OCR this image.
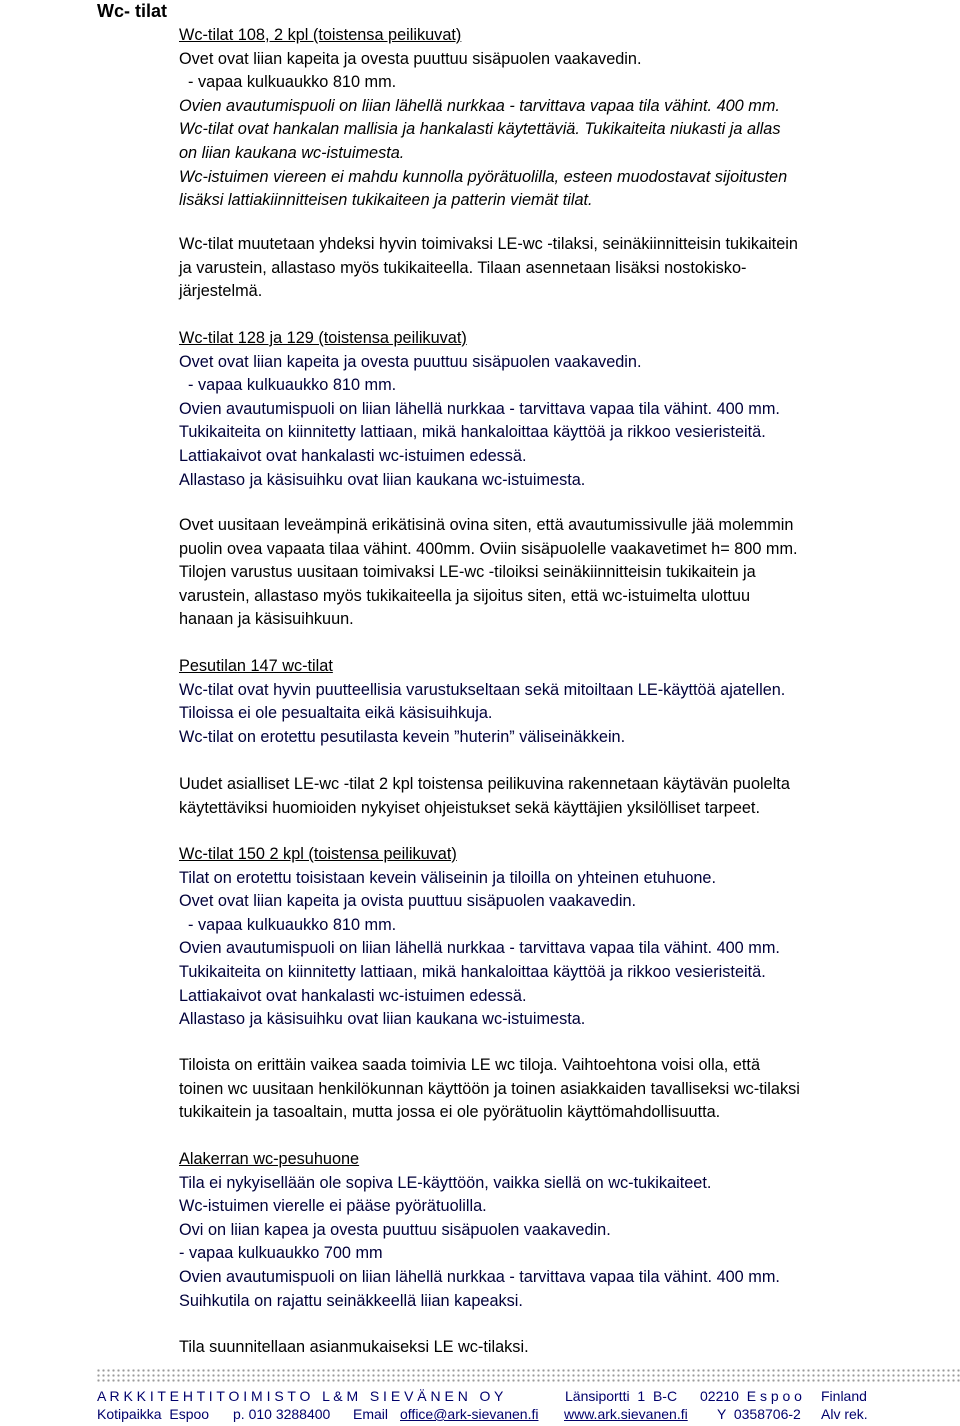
Wc- tilat
Wc-tilat 108, 2 kpl (toistensa peilikuvat)
Ovet ovat liian kapeita ja ovesta puuttuu sisäpuolen vaakavedin.
- vapaa kulkuaukko 810 mm.
Ovien avautumispuoli on liian lähellä nurkkaa - tarvittava vapaa tila vähint. 400 mm.
Wc-tilat ovat hankalan mallisia ja hankalasti käytettäviä. Tukikaiteita niukasti ja allas
on liian kaukana wc-istuimesta.
Wc-istuimen viereen ei mahdu kunnolla pyörätuolilla, esteen muodostavat sijoitusten
lisäksi lattiakiinnitteisen tukikaiteen ja patterin viemät tilat.
Wc-tilat muutetaan yhdeksi hyvin toimivaksi LE-wc -tilaksi, seinäkiinnitteisin tukikaitein
ja varustein, allastaso myös tukikaiteella. Tilaan asennetaan lisäksi nostokisko-
järjestelmä.
Wc-tilat 128 ja 129 (toistensa peilikuvat)
Ovet ovat liian kapeita ja ovesta puuttuu sisäpuolen vaakavedin.
- vapaa kulkuaukko 810 mm.
Ovien avautumispuoli on liian lähellä nurkkaa - tarvittava vapaa tila vähint. 400 mm.
Tukikaiteita on kiinnitetty lattiaan, mikä hankaloittaa käyttöä ja rikkoo vesieristeitä.
Lattiakaivot ovat hankalasti wc-istuimen edessä.
Allastaso ja käsisuihku ovat liian kaukana wc-istuimesta.
Ovet uusitaan leveämpinä erikätisinä ovina siten, että avautumissivulle jää molemmin
puolin ovea vapaata tilaa vähint. 400mm. Oviin sisäpuolelle vaakavetimet h= 800 mm.
Tilojen varustus uusitaan toimivaksi LE-wc -tiloiksi seinäkiinnitteisin tukikaitein ja
varustein, allastaso myös tukikaiteella ja sijoitus siten, että wc-istuimelta ulottuu
hanaan ja käsisuihkuun.
Pesutilan 147 wc-tilat
Wc-tilat ovat hyvin puutteellisia varustukseltaan sekä mitoiltaan LE-käyttöä ajatellen.
Tiloissa ei ole pesualtaita eikä käsisuihkuja.
Wc-tilat on erotettu pesutilasta kevein ”huterin” väliseinäkkein.
Uudet asialliset LE-wc -tilat 2 kpl toistensa peilikuvina rakennetaan käytävän puolelta
käytettäviksi huomioiden nykyiset ohjeistukset sekä käyttäjien yksilölliset tarpeet.
Wc-tilat 150 2 kpl (toistensa peilikuvat)
Tilat on erotettu toisistaan kevein väliseinin ja tiloilla on yhteinen etuhuone.
Ovet ovat liian kapeita ja ovista puuttuu sisäpuolen vaakavedin.
- vapaa kulkuaukko 810 mm.
Ovien avautumispuoli on liian lähellä nurkkaa - tarvittava vapaa tila vähint. 400 mm.
Tukikaiteita on kiinnitetty lattiaan, mikä hankaloittaa käyttöä ja rikkoo vesieristeitä.
Lattiakaivot ovat hankalasti wc-istuimen edessä.
Allastaso ja käsisuihku ovat liian kaukana wc-istuimesta.
Tiloista on erittäin vaikea saada toimivia LE wc tiloja. Vaihtoehtona voisi olla, että
toinen wc uusitaan henkilökunnan käyttöön ja toinen asiakkaiden tavalliseksi wc-tilaksi
tukikaitein ja tasoaltain, mutta jossa ei ole pyörätuolin käyttömahdollisuutta.
Alakerran wc-pesuhuone
Tila ei nykyisellään ole sopiva LE-käyttöön, vaikka siellä on wc-tukikaiteet.
Wc-istuimen vierelle ei pääse pyörätuolilla.
Ovi on liian kapea ja ovesta puuttuu sisäpuolen vaakavedin.
- vapaa kulkuaukko 700 mm
Ovien avautumispuoli on liian lähellä nurkkaa - tarvittava vapaa tila vähint. 400 mm.
Suihkutila on rajattu seinäkkeellä liian kapeaksi.
Tila suunnitellaan asianmukaiseksi LE wc-tilaksi.
A R K K I T E H T I T O I M I S T O   L & M   S I E V Ä N E N   O Y	Länsiportti  1  B-C 02210  E s p o o Finland
Kotipaikka  Espoo p. 010 3288400 Email office@ark-sievanen.fi www.ark.sievanen.fi Y  0358706-2 Alv rek.
